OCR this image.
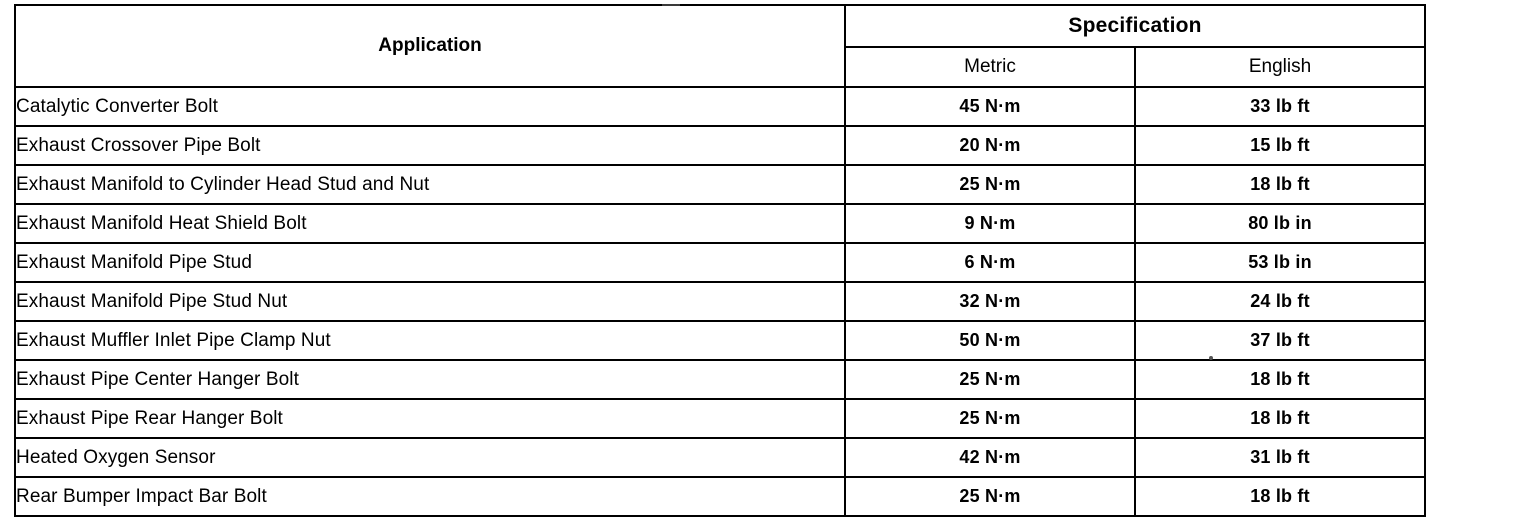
Application	Specification	
	Metric	English
Catalytic Converter Bolt	45 N·m	33 lb ft
Exhaust Crossover Pipe Bolt	20 N·m	15 lb ft
Exhaust Manifold to Cylinder Head Stud and Nut	25 N·m	18 lb ft
Exhaust Manifold Heat Shield Bolt	9 N·m	80 lb in
Exhaust Manifold Pipe Stud	6 N·m	53 lb in
Exhaust Manifold Pipe Stud Nut	32 N·m	24 lb ft
Exhaust Muffler Inlet Pipe Clamp Nut	50 N·m	37 lb ft
Exhaust Pipe Center Hanger Bolt	25 N·m	18 lb ft
Exhaust Pipe Rear Hanger Bolt	25 N·m	18 lb ft
Heated Oxygen Sensor	42 N·m	31 lb ft
Rear Bumper Impact Bar Bolt	25 N·m	18 lb ft
